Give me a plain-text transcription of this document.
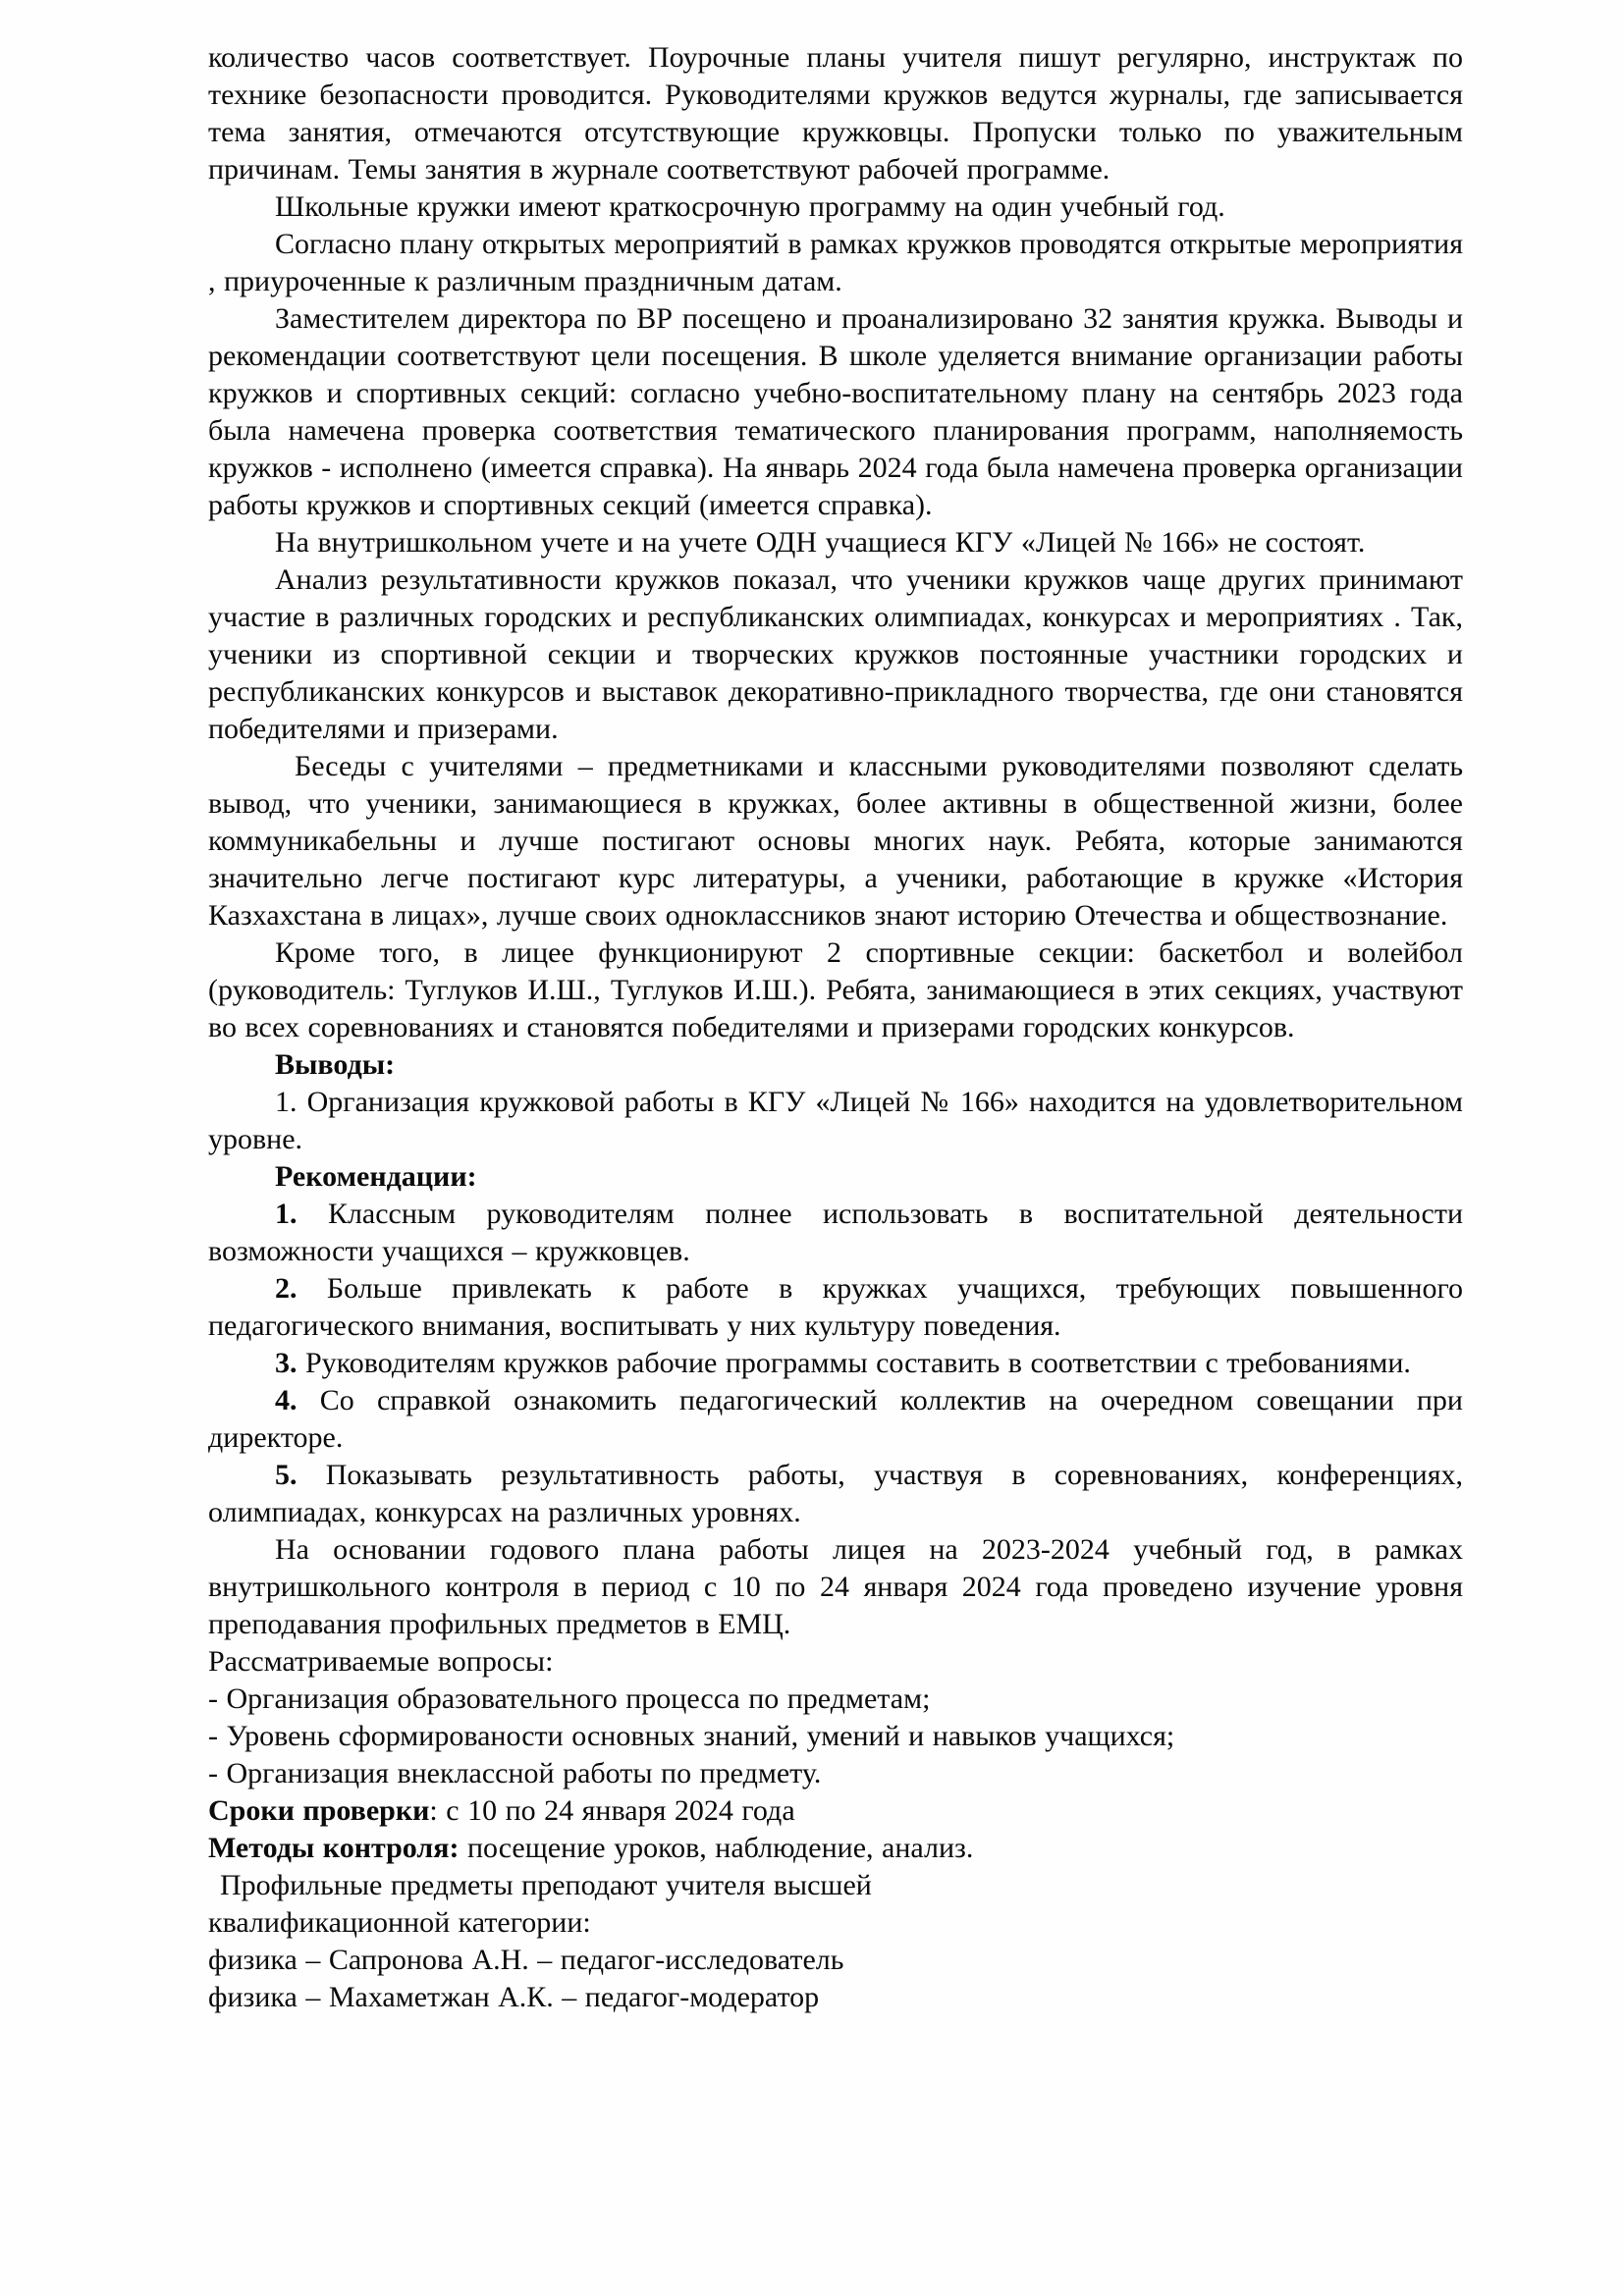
количество часов соответствует. Поурочные планы учителя пишут регулярно, инструктаж по технике безопасности проводится. Руководителями кружков ведутся журналы, где записывается тема занятия, отмечаются отсутствующие кружковцы. Пропуски только по уважительным причинам. Темы занятия в журнале соответствуют рабочей программе.

Школьные кружки имеют краткосрочную программу на один учебный год.

Согласно плану открытых мероприятий в рамках кружков проводятся открытые мероприятия , приуроченные к различным праздничным датам.

Заместителем директора по ВР посещено и проанализировано 32 занятия кружка. Выводы и рекомендации соответствуют цели посещения. В школе уделяется внимание организации работы кружков и спортивных секций: согласно учебно-воспитательному плану на сентябрь 2023 года была намечена проверка соответствия тематического планирования программ, наполняемость кружков - исполнено (имеется справка). На январь 2024 года была намечена проверка организации работы кружков и спортивных секций (имеется справка).

На внутришкольном учете и на учете ОДН учащиеся КГУ «Лицей № 166» не состоят.

Анализ результативности кружков показал, что ученики кружков чаще других принимают участие в различных городских и республиканских олимпиадах, конкурсах и мероприятиях . Так, ученики из спортивной секции и творческих кружков постоянные участники городских и республиканских конкурсов и выставок декоративно-прикладного творчества, где они становятся победителями и призерами.

Беседы с учителями – предметниками и классными руководителями позволяют сделать вывод, что ученики, занимающиеся в кружках, более активны в общественной жизни, более коммуникабельны и лучше постигают основы многих наук. Ребята, которые занимаются значительно легче постигают курс литературы, а ученики, работающие в кружке «История Казхахстана в лицах», лучше своих одноклассников знают историю Отечества и обществознание.

Кроме того, в лицее функционируют 2 спортивные секции: баскетбол и волейбол (руководитель: Туглуков И.Ш., Туглуков И.Ш.). Ребята, занимающиеся в этих секциях, участвуют во всех соревнованиях и становятся победителями и призерами городских конкурсов.

Выводы:

1. Организация кружковой работы в КГУ «Лицей № 166» находится на удовлетворительном уровне.

Рекомендации:

1. Классным руководителям полнее использовать в воспитательной деятельности возможности учащихся – кружковцев.

2. Больше привлекать к работе в кружках учащихся, требующих повышенного педагогического внимания, воспитывать у них культуру поведения.

3. Руководителям кружков рабочие программы составить в соответствии с требованиями.

4. Со справкой ознакомить педагогический коллектив на очередном совещании при директоре.

5. Показывать результативность работы, участвуя в соревнованиях, конференциях, олимпиадах, конкурсах на различных уровнях.

На основании годового плана работы лицея на 2023-2024 учебный год, в рамках внутришкольного контроля в период с 10 по 24 января 2024 года проведено изучение уровня преподавания профильных предметов в ЕМЦ.

Рассматриваемые вопросы:

- Организация образовательного процесса по предметам;

- Уровень сформированости основных знаний, умений и навыков учащихся;

- Организация внеклассной работы по предмету.

Сроки проверки: с 10 по 24 января 2024 года

Методы контроля: посещение уроков, наблюдение, анализ.

Профильные предметы преподают учителя высшей

квалификационной категории:

физика – Сапронова А.Н. – педагог-исследователь

физика – Махаметжан А.К. – педагог-модератор
